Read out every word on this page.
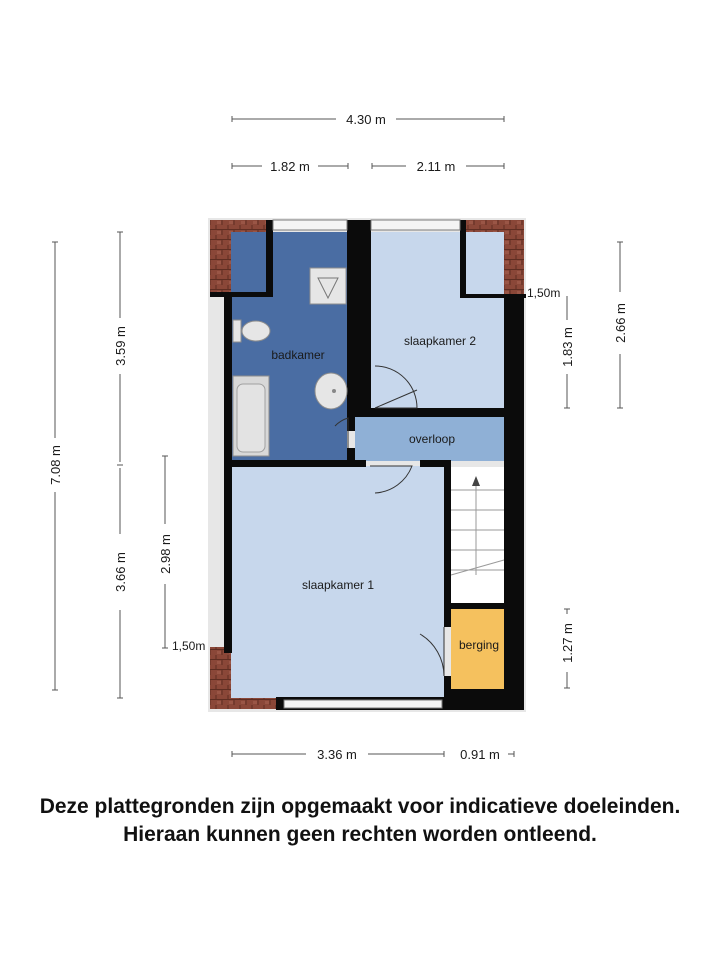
badkamer
slaapkamer 2
overloop
slaapkamer 1
berging
4.30 m
1.82 m	2.11 m
7.08 m
3.59 m
3.66 m 2.98 m
1,50m
2.66 m
1.83 m
1,50m
1.27 m
3.36 m	0.91 m
Deze plattegronden zijn opgemaakt voor indicatieve doeleinden.
Hieraan kunnen geen rechten worden ontleend.
